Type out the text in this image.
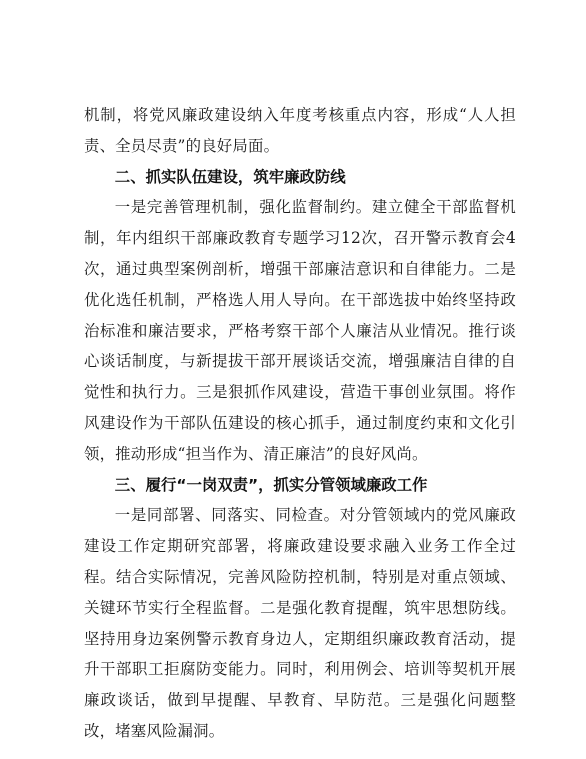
机制，将党风廉政建设纳入年度考核重点内容，形成“人人担责、全员尽责”的良好局面。

二、抓实队伍建设，筑牢廉政防线

一是完善管理机制，强化监督制约。建立健全干部监督机制，年内组织干部廉政教育专题学习12次，召开警示教育会4次，通过典型案例剖析，增强干部廉洁意识和自律能力。二是优化选任机制，严格选人用人导向。在干部选拔中始终坚持政治标准和廉洁要求，严格考察干部个人廉洁从业情况。推行谈心谈话制度，与新提拔干部开展谈话交流，增强廉洁自律的自觉性和执行力。三是狠抓作风建设，营造干事创业氛围。将作风建设作为干部队伍建设的核心抓手，通过制度约束和文化引领，推动形成“担当作为、清正廉洁”的良好风尚。

三、履行“一岗双责”，抓实分管领域廉政工作

一是同部署、同落实、同检查。对分管领域内的党风廉政建设工作定期研究部署，将廉政建设要求融入业务工作全过程。结合实际情况，完善风险防控机制，特别是对重点领域、关键环节实行全程监督。二是强化教育提醒，筑牢思想防线。坚持用身边案例警示教育身边人，定期组织廉政教育活动，提升干部职工拒腐防变能力。同时，利用例会、培训等契机开展廉政谈话，做到早提醒、早教育、早防范。三是强化问题整改，堵塞风险漏洞。
